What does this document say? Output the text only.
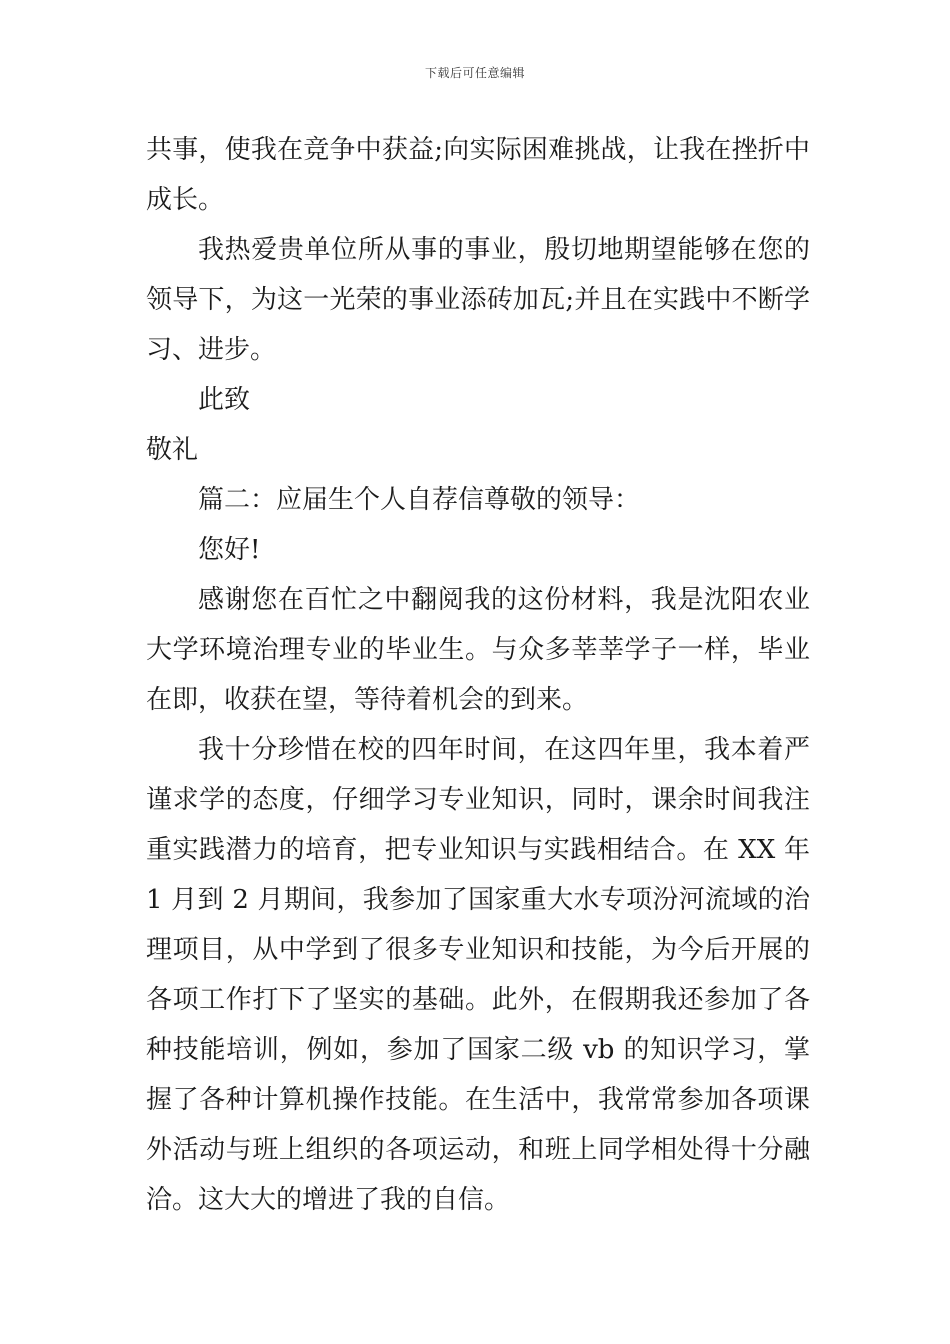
下载后可任意编辑

共事，使我在竞争中获益;向实际困难挑战，让我在挫折中成长。

我热爱贵单位所从事的事业，殷切地期望能够在您的领导下，为这一光荣的事业添砖加瓦;并且在实践中不断学习、进步。

此致

敬礼

篇二：应届生个人自荐信尊敬的领导：

您好!

感谢您在百忙之中翻阅我的这份材料，我是沈阳农业大学环境治理专业的毕业生。与众多莘莘学子一样，毕业在即，收获在望，等待着机会的到来。

我十分珍惜在校的四年时间，在这四年里，我本着严谨求学的态度，仔细学习专业知识，同时，课余时间我注重实践潜力的培育，把专业知识与实践相结合。在 XX 年 1 月到 2 月期间，我参加了国家重大水专项汾河流域的治理项目，从中学到了很多专业知识和技能，为今后开展的各项工作打下了坚实的基础。此外，在假期我还参加了各种技能培训，例如，参加了国家二级 vb 的知识学习，掌握了各种计算机操作技能。在生活中，我常常参加各项课外活动与班上组织的各项运动，和班上同学相处得十分融洽。这大大的增进了我的自信。
